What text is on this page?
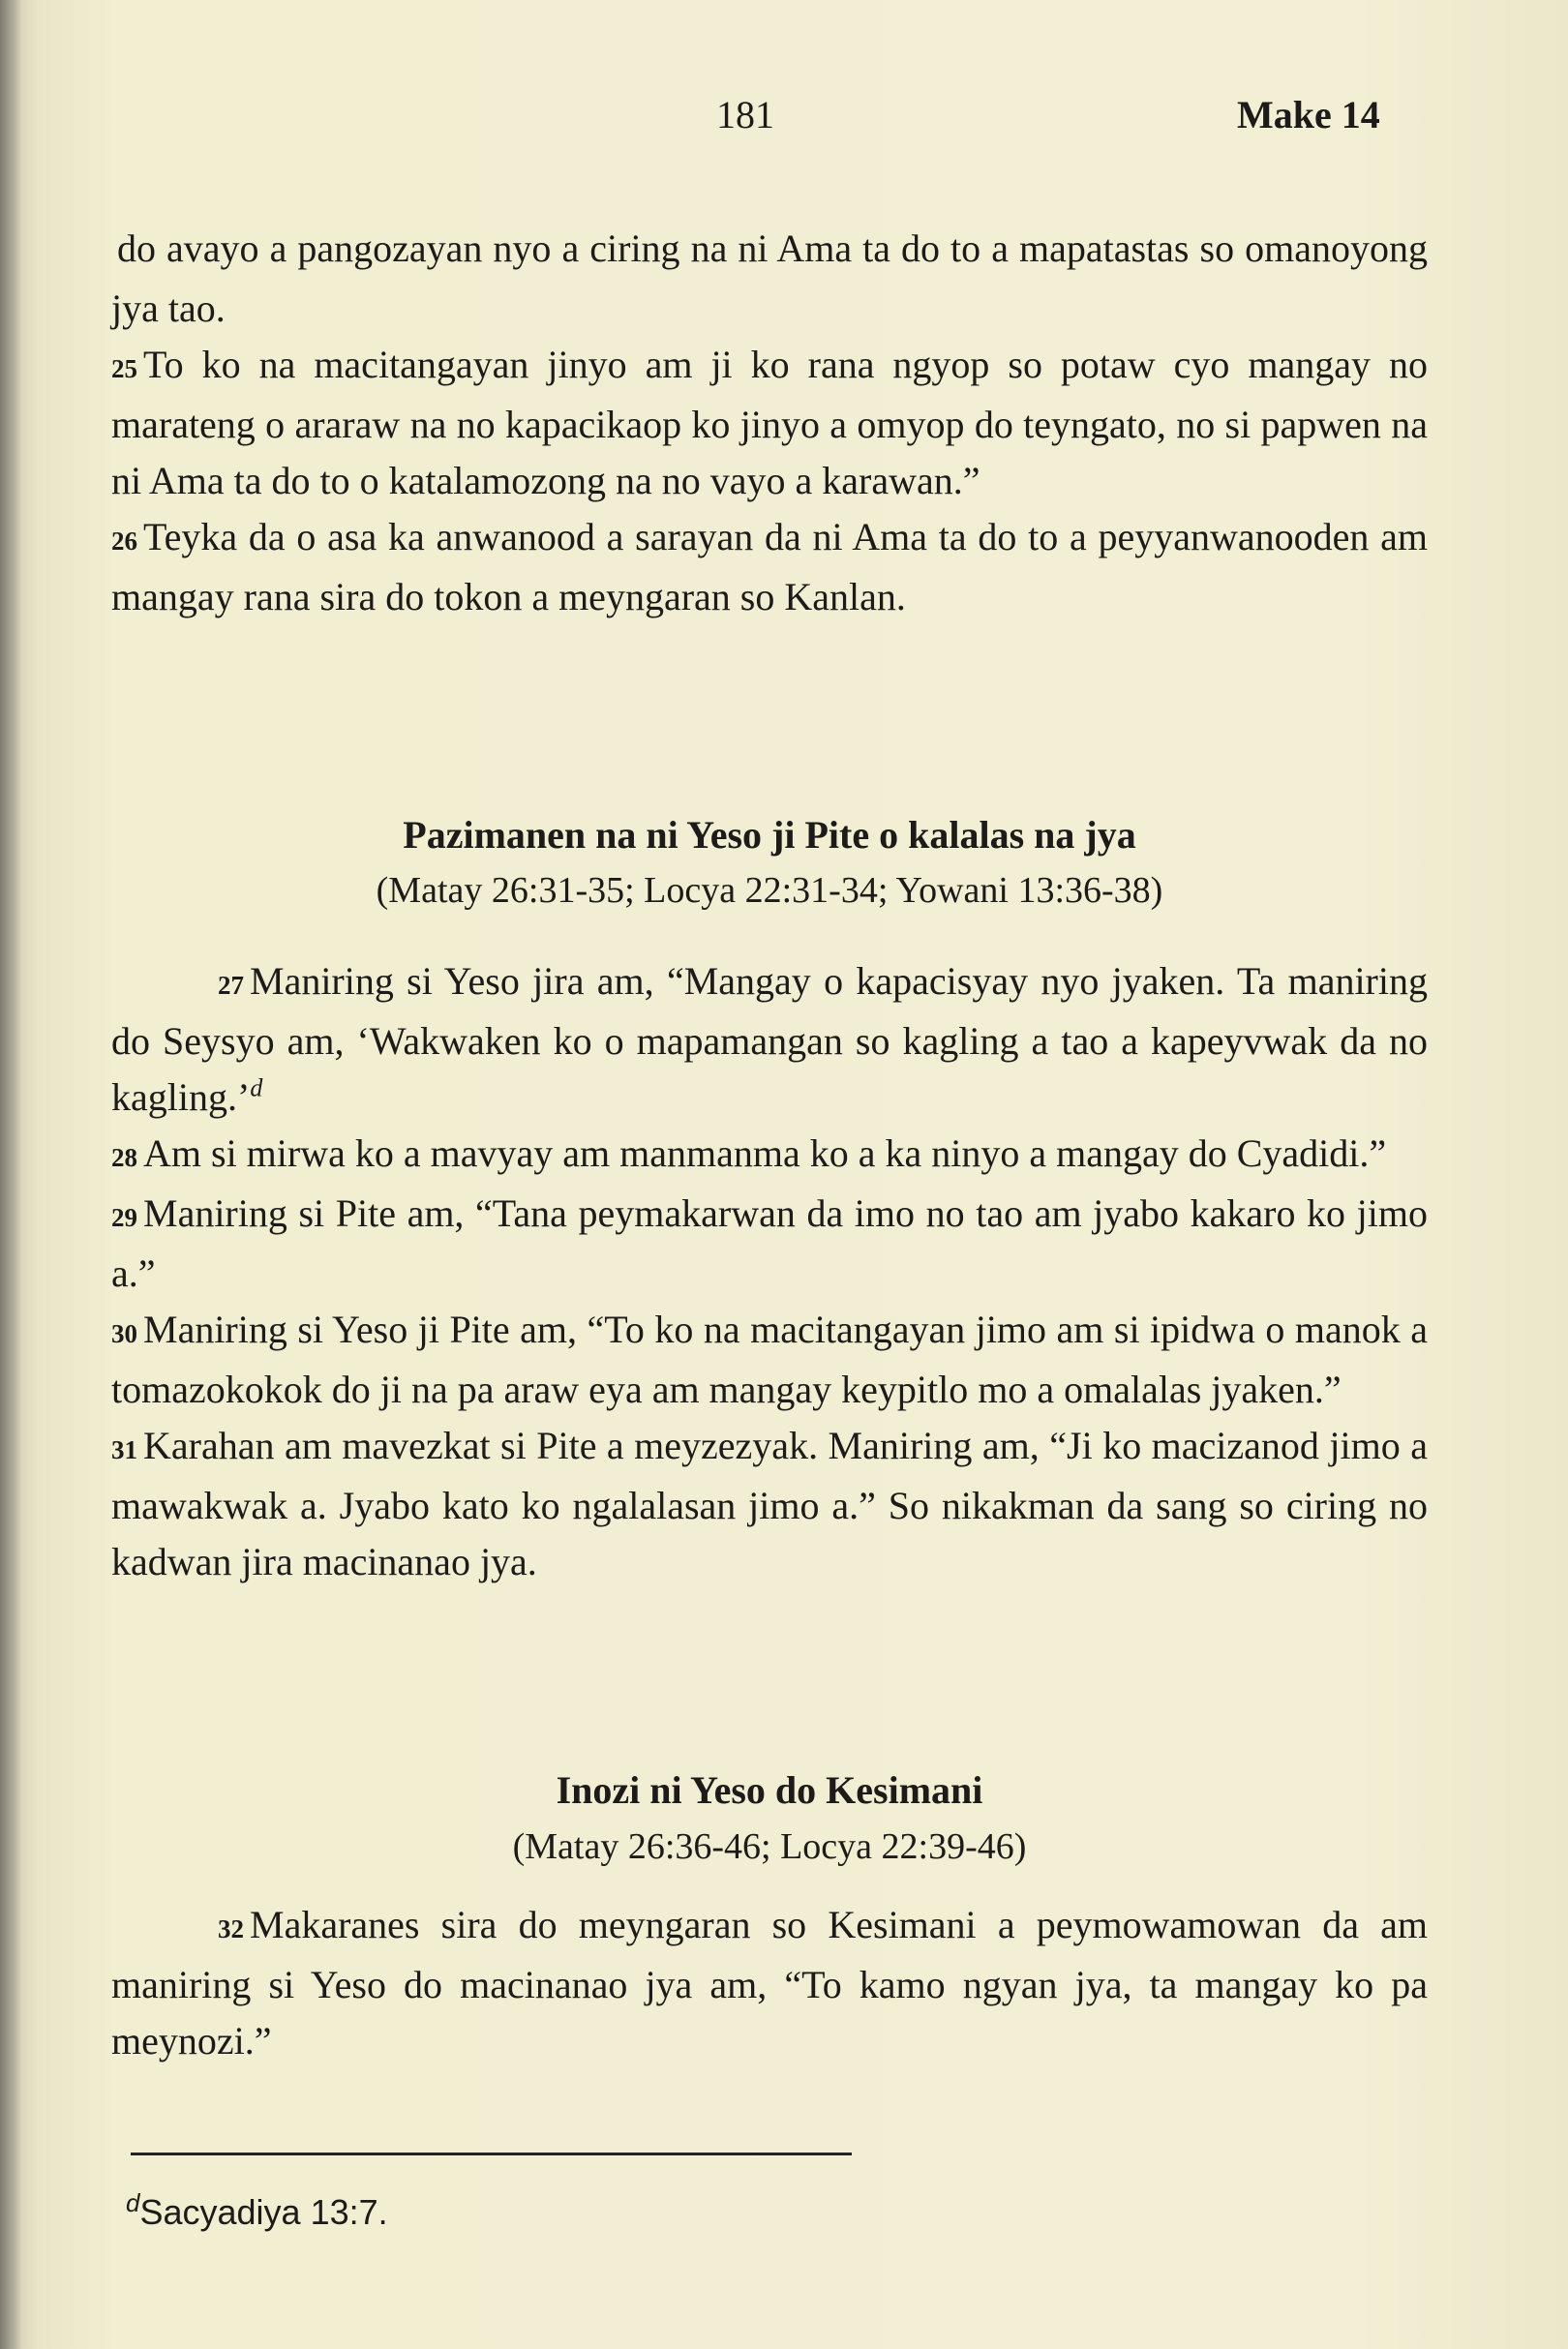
181	Make 14

do avayo a pangozayan nyo a ciring na ni Ama ta do to a mapatastas so omanoyong jya tao.

25 To ko na macitangayan jinyo am ji ko rana ngyop so potaw cyo mangay no marateng o araraw na no kapacikaop ko jinyo a omyop do teyngato, no si papwen na ni Ama ta do to o katalamozong na no vayo a karawan.”

26 Teyka da o asa ka anwanood a sarayan da ni Ama ta do to a peyyanwanooden am mangay rana sira do tokon a meyngaran so Kanlan.

Pazimanen na ni Yeso ji Pite o kalalas na jya
(Matay 26:31-35; Locya 22:31-34; Yowani 13:36-38)

27 Maniring si Yeso jira am, “Mangay o kapacisyay nyo jyaken. Ta maniring do Seysyo am, ‘Wakwaken ko o mapamangan so kagling a tao a kapeyvwak da no kagling.’$^d$

28 Am si mirwa ko a mavyay am manmanma ko a ka ninyo a mangay do Cyadidi.”

29 Maniring si Pite am, “Tana peymakarwan da imo no tao am jyabo kakaro ko jimo a.”

30 Maniring si Yeso ji Pite am, “To ko na macitangayan jimo am si ipidwa o manok a tomazokokok do ji na pa araw eya am mangay keypitlo mo a omalalas jyaken.”

31 Karahan am mavezkat si Pite a meyzezyak. Maniring am, “Ji ko macizanod jimo a mawakwak a. Jyabo kato ko ngalalasan jimo a.” So nikakman da sang so ciring no kadwan jira macinanao jya.

Inozi ni Yeso do Kesimani
(Matay 26:36-46; Locya 22:39-46)

32 Makaranes sira do meyngaran so Kesimani a peymowamowan da am maniring si Yeso do macinanao jya am, “To kamo ngyan jya, ta mangay ko pa meynozi.”

$^d$Sacyadiya 13:7.
